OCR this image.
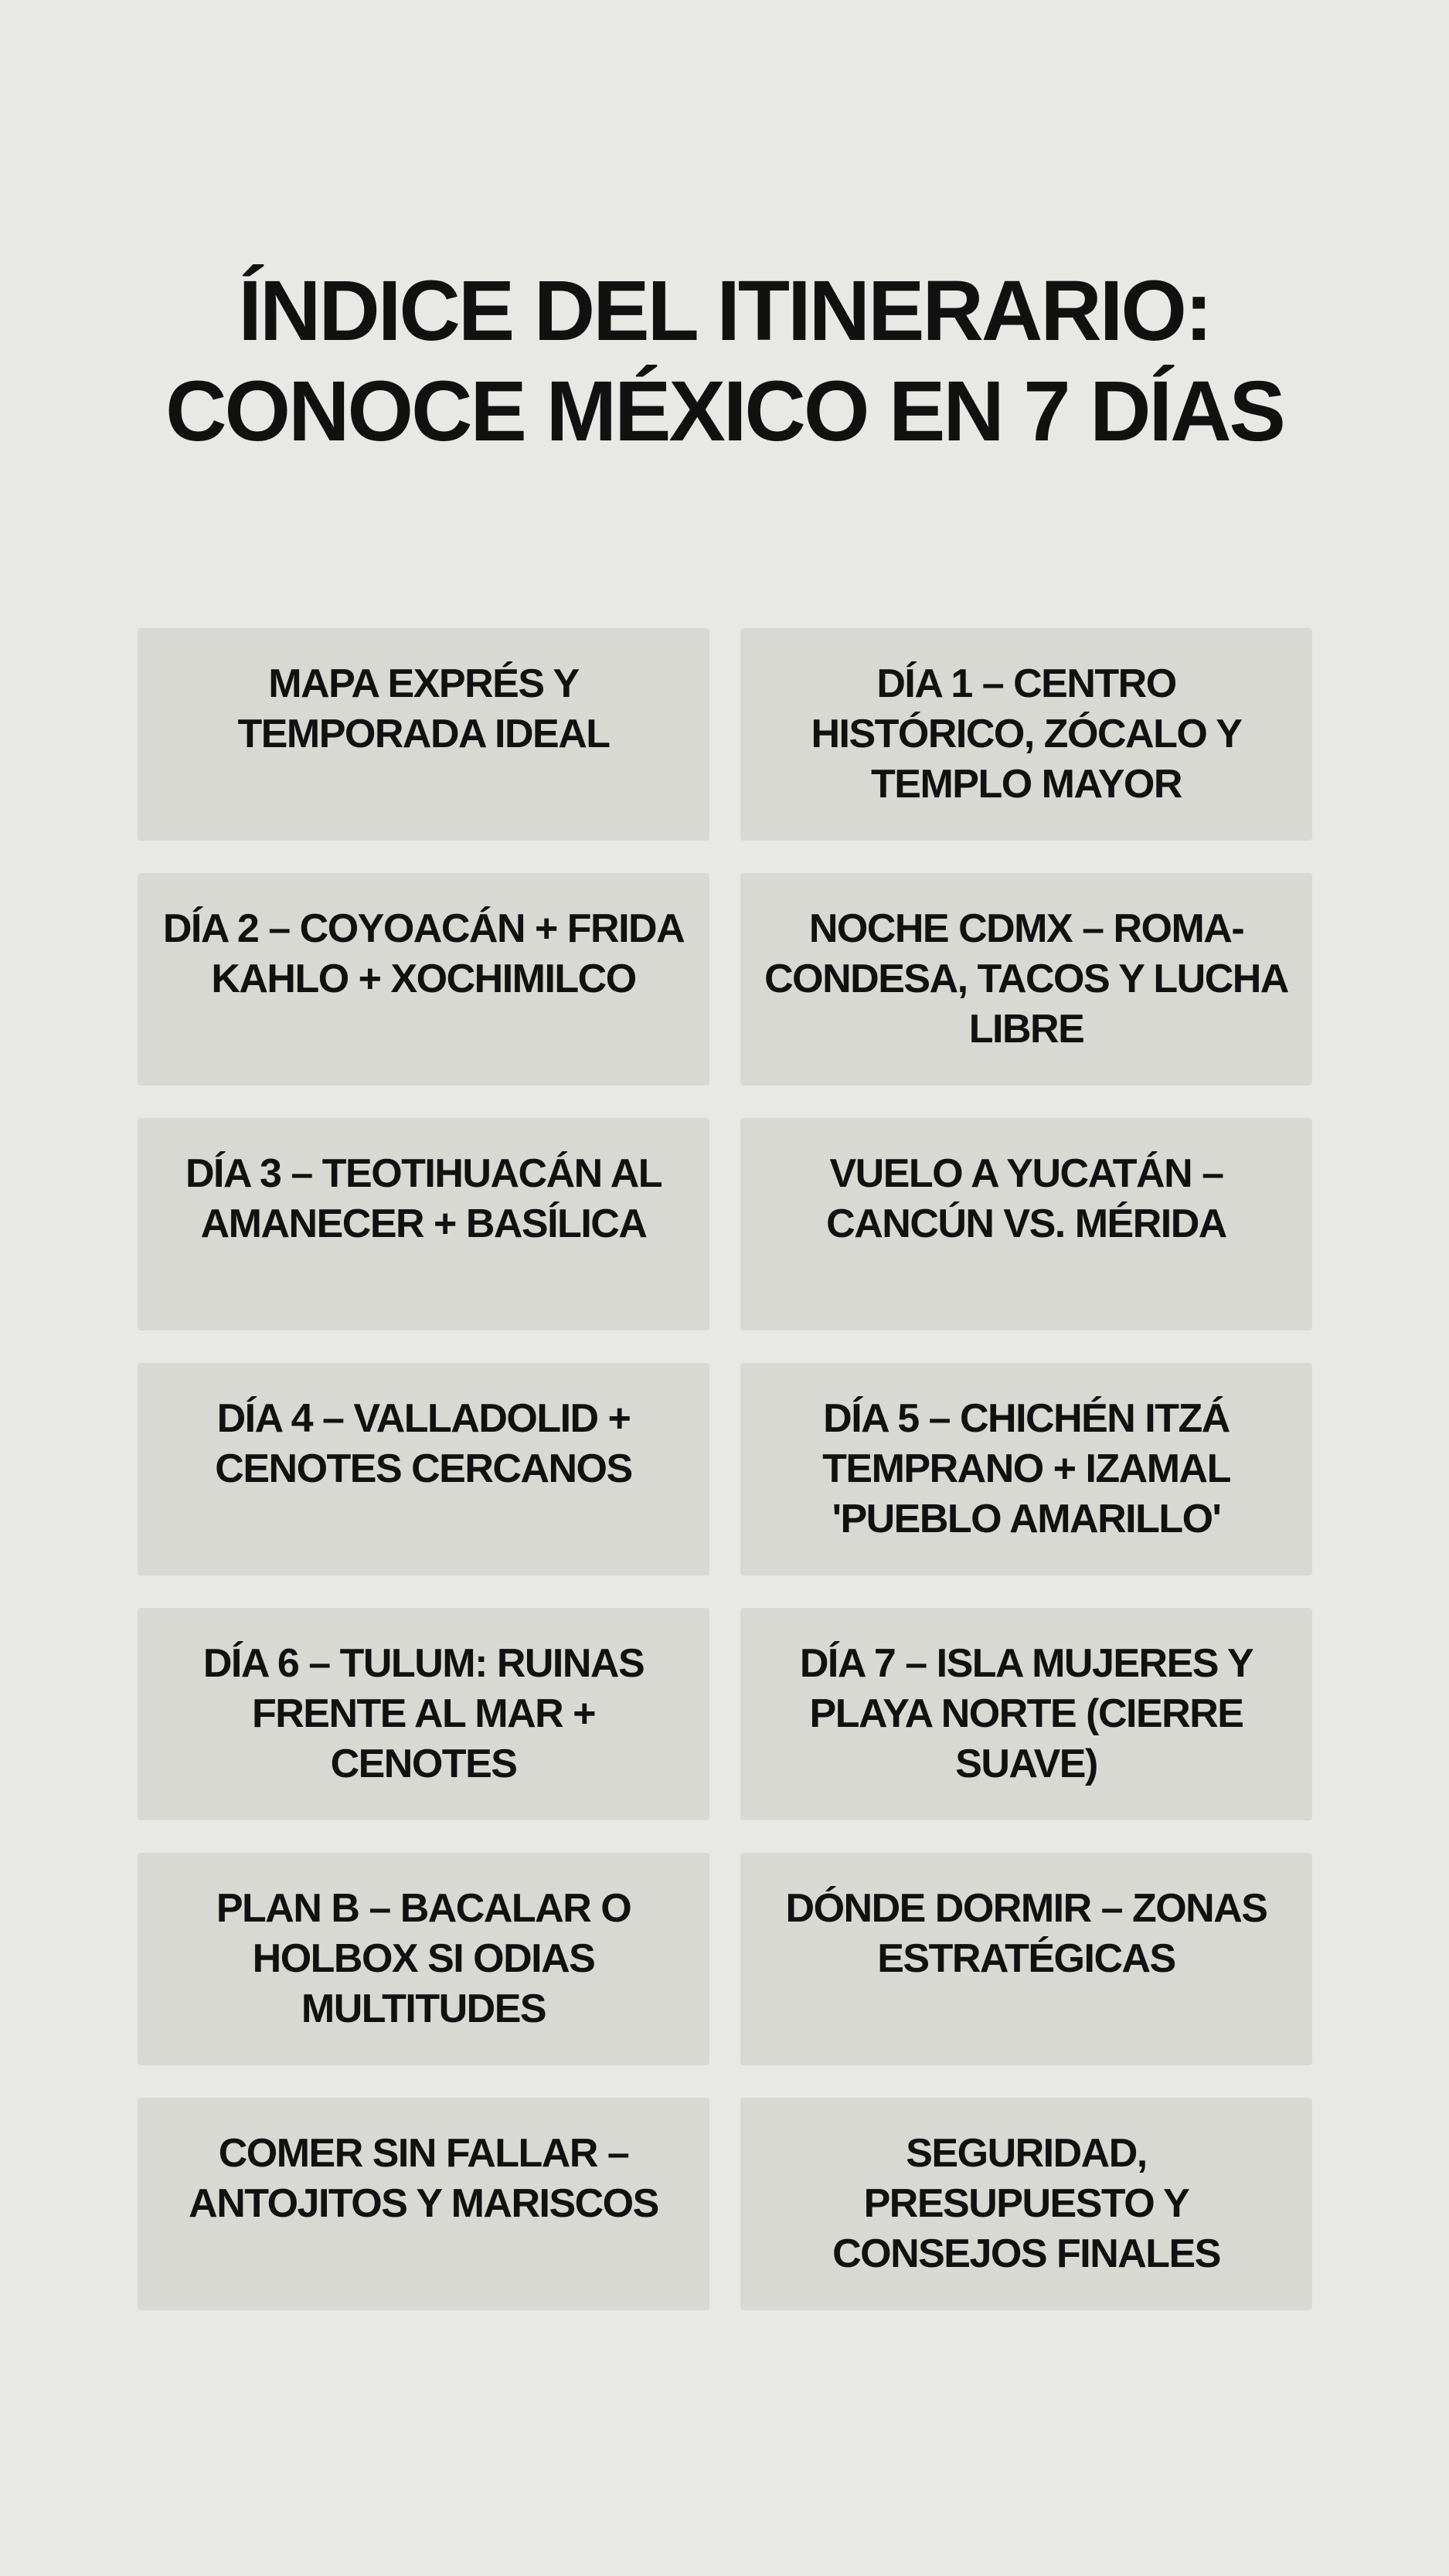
ÍNDICE DEL ITINERARIO: CONOCE MÉXICO EN 7 DÍAS
MAPA EXPRÉS Y TEMPORADA IDEAL
DÍA 1 – CENTRO HISTÓRICO, ZÓCALO Y TEMPLO MAYOR
DÍA 2 – COYOACÁN + FRIDA KAHLO + XOCHIMILCO
NOCHE CDMX – ROMA-CONDESA, TACOS Y LUCHA LIBRE
DÍA 3 – TEOTIHUACÁN AL AMANECER + BASÍLICA
VUELO A YUCATÁN – CANCÚN VS. MÉRIDA
DÍA 4 – VALLADOLID + CENOTES CERCANOS
DÍA 5 – CHICHÉN ITZÁ TEMPRANO + IZAMAL 'PUEBLO AMARILLO'
DÍA 6 – TULUM: RUINAS FRENTE AL MAR + CENOTES
DÍA 7 – ISLA MUJERES Y PLAYA NORTE (CIERRE SUAVE)
PLAN B – BACALAR O HOLBOX SI ODIAS MULTITUDES
DÓNDE DORMIR – ZONAS ESTRATÉGICAS
COMER SIN FALLAR – ANTOJITOS Y MARISCOS
SEGURIDAD, PRESUPUESTO Y CONSEJOS FINALES
